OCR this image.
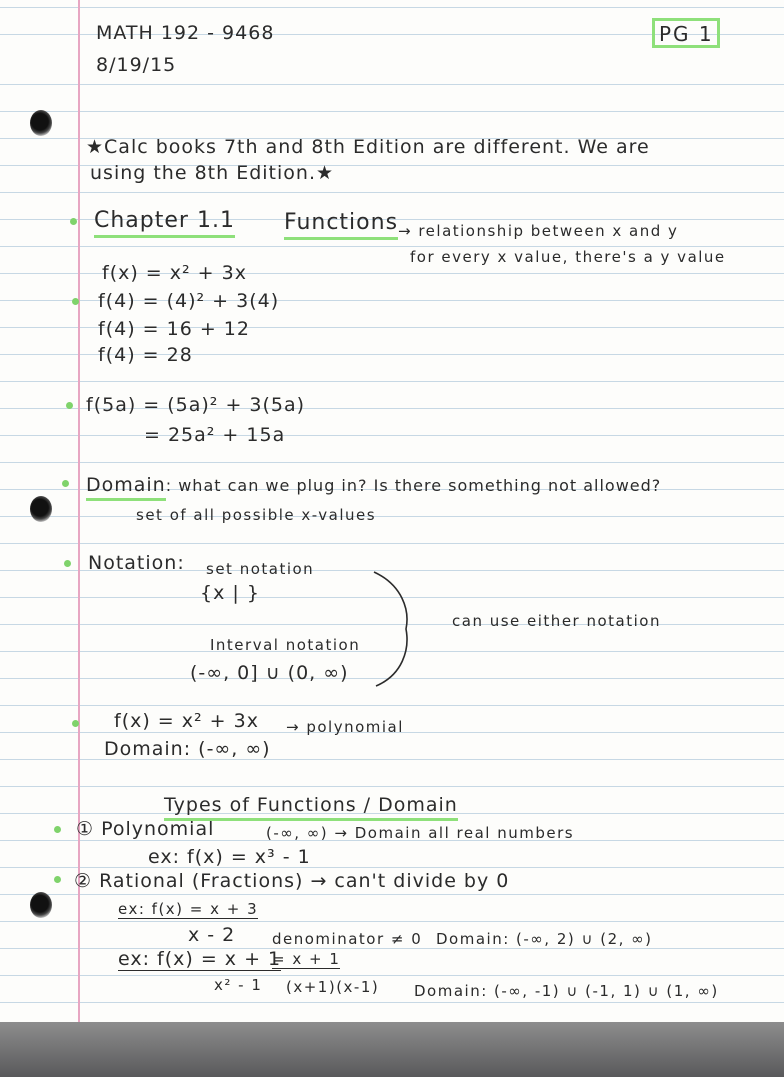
MATH 192 - 9468
8/19/15
PG 1
★Calc books 7th and 8th Edition are different. We are
using the 8th Edition.★
Chapter 1.1 Functions → relationship between x and y
for every x value, there's a y value
f(x) = x² + 3x
f(4) = (4)² + 3(4)
f(4) = 16 + 12
f(4) = 28
f(5a) = (5a)² + 3(5a)
= 25a² + 15a
Domain: what can we plug in? Is there something not allowed?
set of all possible x-values
Notation: set notation
{x | }
Interval notation
(-∞, 0] ∪ (0, ∞)
can use either notation
f(x) = x² + 3x → polynomial
Domain: (-∞, ∞)
Types of Functions / Domain
① Polynomial	(-∞, ∞) → Domain all real numbers
ex: f(x) = x³ - 1
② Rational (Fractions) → can't divide by 0
ex: f(x) = x + 3
x - 2 denominator ≠ 0 Domain: (-∞, 2) ∪ (2, ∞)
ex: f(x) = x + 1
x² - 1
= x + 1
(x+1)(x-1) Domain: (-∞, -1) ∪ (-1, 1) ∪ (1, ∞)
